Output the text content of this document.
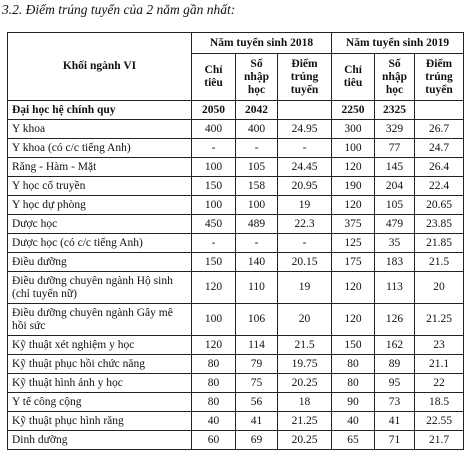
3.2. Điểm trúng tuyển của 2 năm gần nhất:
Khối ngành VI	Năm tuyển sinh 2018			Năm tuyển sinh 2019		
	Chỉ tiêu	Số nhập học	Điểm trúng tuyển	Chỉ tiêu	Số nhập học	Điểm trúng tuyển
Đại học hệ chính quy	2050	2042		2250	2325	
Y khoa	400	400	24.95	300	329	26.7
Y khoa (có c/c tiếng Anh)	-	-	-	100	77	24.7
Răng - Hàm - Mặt	100	105	24.45	120	145	26.4
Y học cổ truyền	150	158	20.95	190	204	22.4
Y học dự phòng	100	100	19	120	105	20.65
Dược học	450	489	22.3	375	479	23.85
Dược học (có c/c tiếng Anh)	-	-	-	125	35	21.85
Điều dưỡng	150	140	20.15	175	183	21.5
Điều dưỡng chuyên ngành Hộ sinh (chỉ tuyển nữ)	120	110	19	120	113	20
Điều dưỡng chuyên ngành Gây mê hồi sức	100	106	20	120	126	21.25
Kỹ thuật xét nghiệm y học	120	114	21.5	150	162	23
Kỹ thuật phục hồi chức năng	80	79	19.75	80	89	21.1
Kỹ thuật hình ảnh y học	80	75	20.25	80	95	22
Y tế công cộng	80	56	18	90	73	18.5
Kỹ thuật phục hình răng	40	41	21.25	40	41	22.55
Dinh dưỡng	60	69	20.25	65	71	21.7
